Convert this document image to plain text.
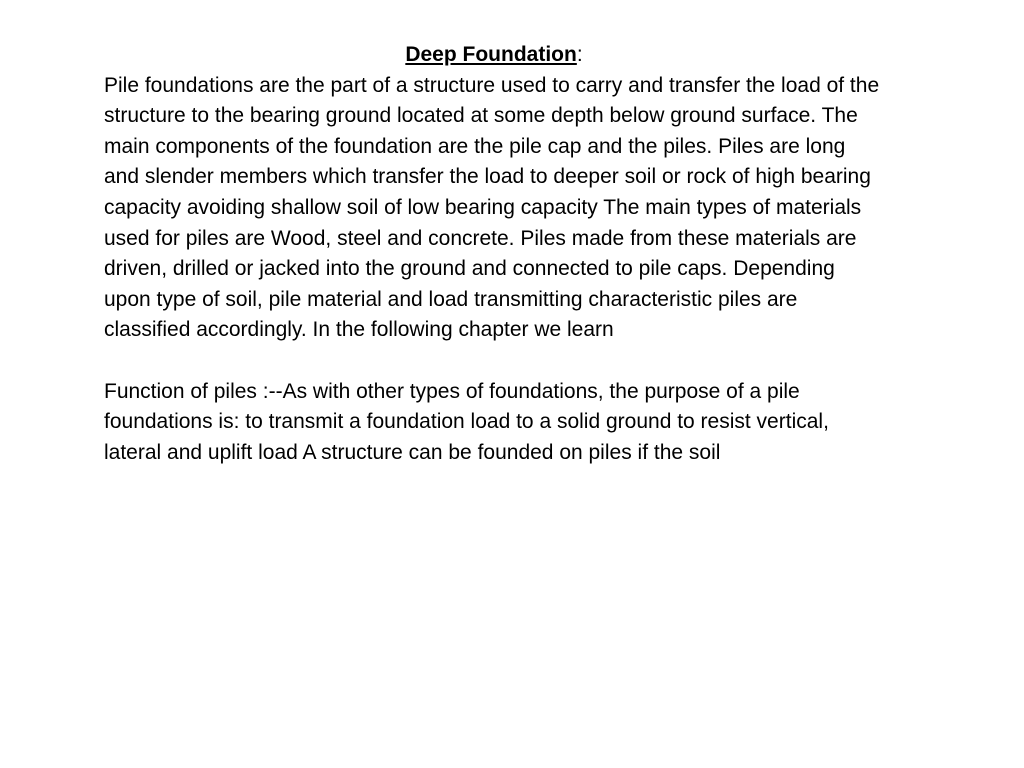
Deep Foundation:

Pile foundations are the part of a structure used to carry and transfer the load of the structure to the bearing ground located at some depth below ground surface. The main components of the foundation are the pile cap and the piles. Piles are long and slender members which transfer the load to deeper soil or rock of high bearing capacity avoiding shallow soil of low bearing capacity The main types of materials used for piles are Wood, steel and concrete. Piles made from these materials are driven, drilled or jacked into the ground and connected to pile caps. Depending upon type of soil, pile material and load transmitting characteristic piles are classified accordingly. In the following chapter we learn

Function of piles :--As with other types of foundations, the purpose of a pile foundations is: to transmit a foundation load to a solid ground to resist vertical, lateral and uplift load A structure can be founded on piles if the soil
